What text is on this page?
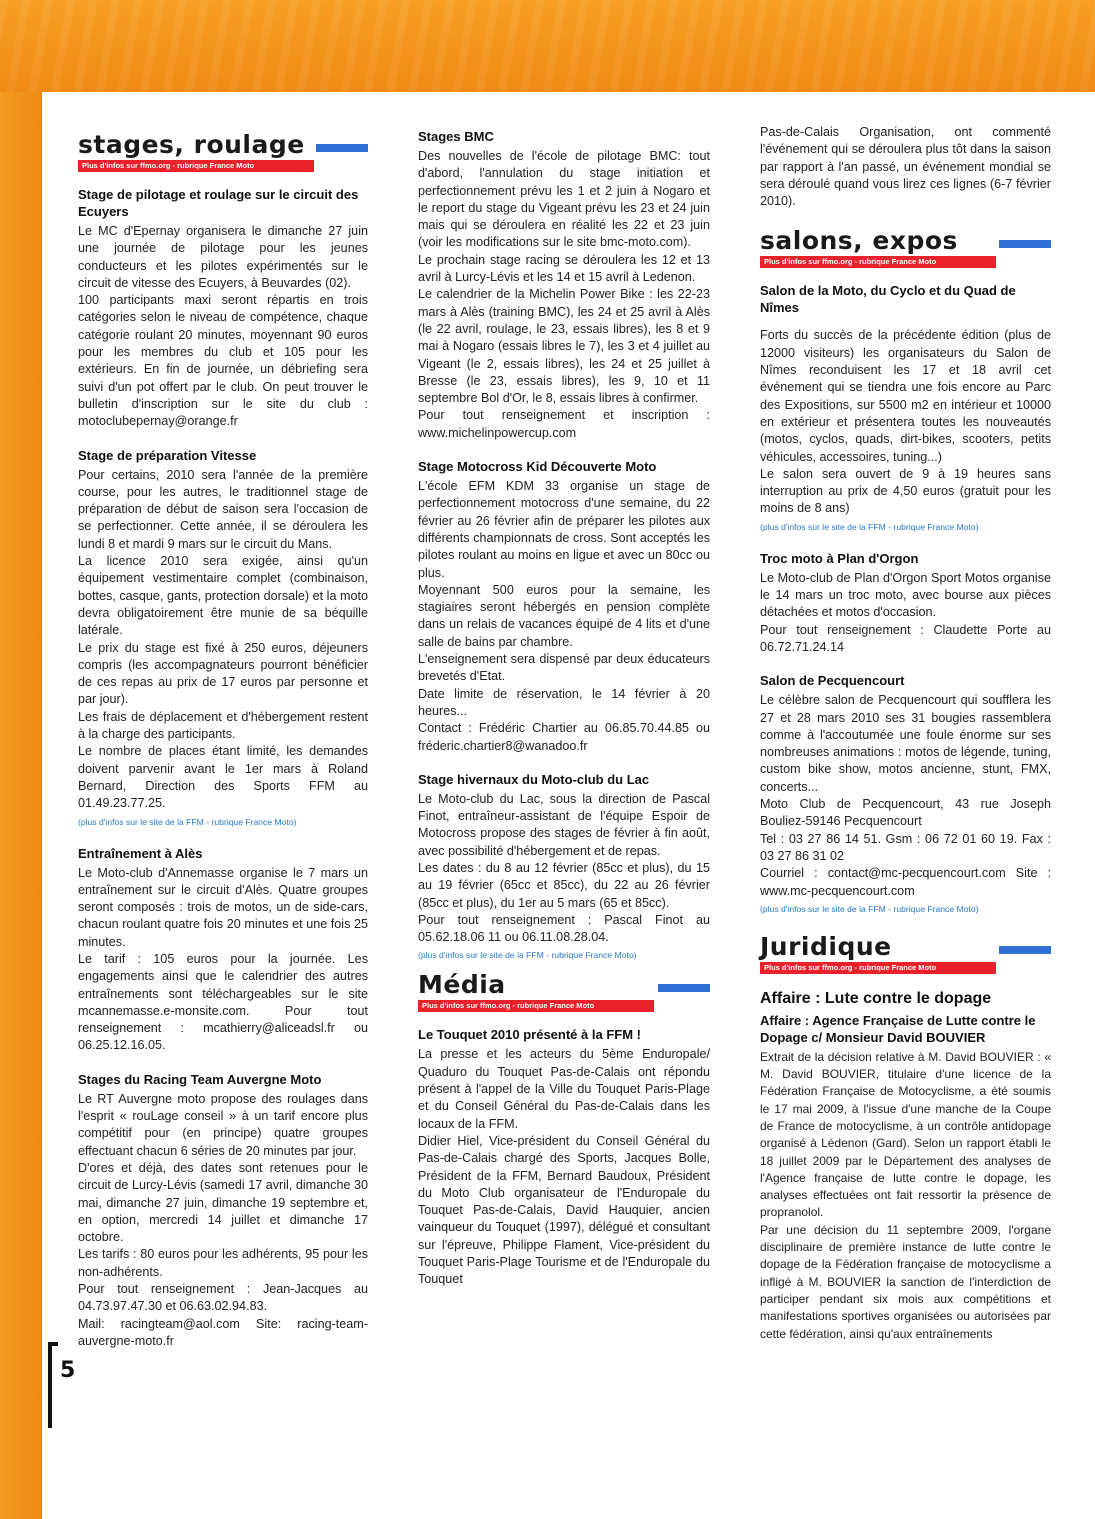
stages, roulage
Plus d'infos sur ffmo.org - rubrique France Moto
Stage de pilotage et roulage sur le circuit des Ecuyers

Le MC d'Epernay organisera le dimanche 27 juin une journée de pilotage pour les jeunes conducteurs et les pilotes expérimentés sur le circuit de vitesse des Ecuyers, à Beuvardes (02).

100 participants maxi seront répartis en trois catégories selon le niveau de compétence, chaque catégorie roulant 20 minutes, moyennant 90 euros pour les membres du club et 105 pour les extérieurs. En fin de journée, un débriefing sera suivi d'un pot offert par le club. On peut trouver le bulletin d'inscription sur le site du club : motoclubepernay@orange.fr

Stage de préparation Vitesse

Pour certains, 2010 sera l'année de la première course, pour les autres, le traditionnel stage de préparation de début de saison sera l'occasion de se perfectionner. Cette année, il se déroulera les lundi 8 et mardi 9 mars sur le circuit du Mans.

La licence 2010 sera exigée, ainsi qu'un équipement vestimentaire complet (combinaison, bottes, casque, gants, protection dorsale) et la moto devra obligatoirement être munie de sa béquille latérale.

Le prix du stage est fixé à 250 euros, déjeuners compris (les accompagnateurs pourront bénéficier de ces repas au prix de 17 euros par personne et par jour).

Les frais de déplacement et d'hébergement restent à la charge des participants.

Le nombre de places étant limité, les demandes doivent parvenir avant le 1er mars à Roland Bernard, Direction des Sports FFM au 01.49.23.77.25.

(plus d'infos sur le site de la FFM - rubrique France Moto)
Entraînement à Alès

Le Moto-club d'Annemasse organise le 7 mars un entraînement sur le circuit d'Alès. Quatre groupes seront composés : trois de motos, un de side-cars, chacun roulant quatre fois 20 minutes et une fois 25 minutes.

Le tarif : 105 euros pour la journée. Les engagements ainsi que le calendrier des autres entraînements sont téléchargeables sur le site mcannemasse.e-monsite.com. Pour tout renseignement : mcathierry@aliceadsl.fr ou 06.25.12.16.05.

Stages du Racing Team Auvergne Moto

Le RT Auvergne moto propose des roulages dans l'esprit « rouLage conseil » à un tarif encore plus compétitif pour (en principe) quatre groupes effectuant chacun 6 séries de 20 minutes par jour.

D'ores et déjà, des dates sont retenues pour le circuit de Lurcy-Lévis (samedi 17 avril, dimanche 30 mai, dimanche 27 juin, dimanche 19 septembre et, en option, mercredi 14 juillet et dimanche 17 octobre.

Les tarifs : 80 euros pour les adhérents, 95 pour les non-adhérents.

Pour tout renseignement : Jean-Jacques au 04.73.97.47.30 et 06.63.02.94.83.

Mail: racingteam@aol.com Site: racing-team-auvergne-moto.fr

Stages BMC

Des nouvelles de l'école de pilotage BMC: tout d'abord, l'annulation du stage initiation et perfectionnement prévu les 1 et 2 juin à Nogaro et le report du stage du Vigeant prévu les 23 et 24 juin mais qui se déroulera en réalité les 22 et 23 juin (voir les modifications sur le site bmc-moto.com).

Le prochain stage racing se déroulera les 12 et 13 avril à Lurcy-Lévis et les 14 et 15 avril à Ledenon.

Le calendrier de la Michelin Power Bike : les 22-23 mars à Alès (training BMC), les 24 et 25 avril à Alès (le 22 avril, roulage, le 23, essais libres), les 8 et 9 mai à Nogaro (essais libres le 7), les 3 et 4 juillet au Vigeant (le 2, essais libres), les 24 et 25 juillet à Bresse (le 23, essais libres), les 9, 10 et 11 septembre Bol d'Or, le 8, essais libres à confirmer.

Pour tout renseignement et inscription : www.michelinpowercup.com

Stage Motocross Kid Découverte Moto

L'école EFM KDM 33 organise un stage de perfectionnement motocross d'une semaine, du 22 février au 26 février afin de préparer les pilotes aux différents championnats de cross. Sont acceptés les pilotes roulant au moins en ligue et avec un 80cc ou plus.

Moyennant 500 euros pour la semaine, les stagiaires seront hébergés en pension complète dans un relais de vacances équipé de 4 lits et d'une salle de bains par chambre.

L'enseignement sera dispensé par deux éducateurs brevetés d'Etat.

Date limite de réservation, le 14 février à 20 heures...

Contact : Frédéric Chartier au 06.85.70.44.85 ou fréderic.chartier8@wanadoo.fr

Stage hivernaux du Moto-club du Lac

Le Moto-club du Lac, sous la direction de Pascal Finot, entraîneur-assistant de l'équipe Espoir de Motocross propose des stages de février à fin août, avec possibilité d'hébergement et de repas.

Les dates : du 8 au 12 février (85cc et plus), du 15 au 19 février (65cc et 85cc), du 22 au 26 février (85cc et plus), du 1er au 5 mars (65 et 85cc).

Pour tout renseignement : Pascal Finot au 05.62.18.06 11 ou 06.11.08.28.04.

(plus d'infos sur le site de la FFM - rubrique France Moto)
Média
Plus d'infos sur ffmo.org - rubrique France Moto
Le Touquet 2010 présenté à la FFM !

La presse et les acteurs du 5ème Enduropale/ Quaduro du Touquet Pas-de-Calais ont répondu présent à l'appel de la Ville du Touquet Paris-Plage et du Conseil Général du Pas-de-Calais dans les locaux de la FFM.

Didier Hiel, Vice-président du Conseil Général du Pas-de-Calais chargé des Sports, Jacques Bolle, Président de la FFM, Bernard Baudoux, Président du Moto Club organisateur de l'Enduropale du Touquet Pas-de-Calais, David Hauquier, ancien vainqueur du Touquet (1997), délégué et consultant sur l'épreuve, Philippe Flament, Vice-président du Touquet Paris-Plage Tourisme et de l'Enduropale du Touquet

Pas-de-Calais Organisation, ont commenté l'événement qui se déroulera plus tôt dans la saison par rapport à l'an passé, un événement mondial se sera déroulé quand vous lirez ces lignes (6-7 février 2010).

salons, expos
Plus d'infos sur ffmo.org - rubrique France Moto
Salon de la Moto, du Cyclo et du Quad de Nîmes

Forts du succès de la précédente édition (plus de 12000 visiteurs) les organisateurs du Salon de Nîmes reconduisent les 17 et 18 avril cet événement qui se tiendra une fois encore au Parc des Expositions, sur 5500 m2 en intérieur et 10000 en extérieur et présentera toutes les nouveautés (motos, cyclos, quads, dirt-bikes, scooters, petits véhicules, accessoires, tuning...)

Le salon sera ouvert de 9 à 19 heures sans interruption au prix de 4,50 euros (gratuit pour les moins de 8 ans)

(plus d'infos sur le site de la FFM - rubrique France Moto)
Troc moto à Plan d'Orgon

Le Moto-club de Plan d'Orgon Sport Motos organise le 14 mars un troc moto, avec bourse aux pièces détachées et motos d'occasion.

Pour tout renseignement : Claudette Porte au 06.72.71.24.14

Salon de Pecquencourt

Le célèbre salon de Pecquencourt qui soufflera les 27 et 28 mars 2010 ses 31 bougies rassemblera comme à l'accoutumée une foule énorme sur ses nombreuses animations : motos de légende, tuning, custom bike show, motos ancienne, stunt, FMX, concerts...

Moto Club de Pecquencourt, 43 rue Joseph Bouliez-59146 Pecquencourt

Tel : 03 27 86 14 51. Gsm : 06 72 01 60 19. Fax : 03 27 86 31 02

Courriel : contact@mc-pecquencourt.com Site : www.mc-pecquencourt.com

(plus d'infos sur le site de la FFM - rubrique France Moto)
Juridique
Plus d'infos sur ffmo.org - rubrique France Moto
Affaire : Lute contre le dopage
Affaire : Agence Française de Lutte contre le Dopage c/ Monsieur David BOUVIER

Extrait de la décision relative à M. David BOUVIER : « M. David BOUVIER, titulaire d'une licence de la Fédération Française de Motocyclisme, a été soumis le 17 mai 2009, à l'issue d'une manche de la Coupe de France de motocyclisme, à un contrôle antidopage organisé à Lédenon (Gard). Selon un rapport établi le 18 juillet 2009 par le Département des analyses de l'Agence française de lutte contre le dopage, les analyses effectuées ont fait ressortir la présence de propranolol.

Par une décision du 11 septembre 2009, l'organe disciplinaire de première instance de lutte contre le dopage de la Fédération française de motocyclisme a infligé à M. BOUVIER la sanction de l'interdiction de participer pendant six mois aux compétitions et manifestations sportives organisées ou autorisées par cette fédération, ainsi qu'aux entraînements

5
